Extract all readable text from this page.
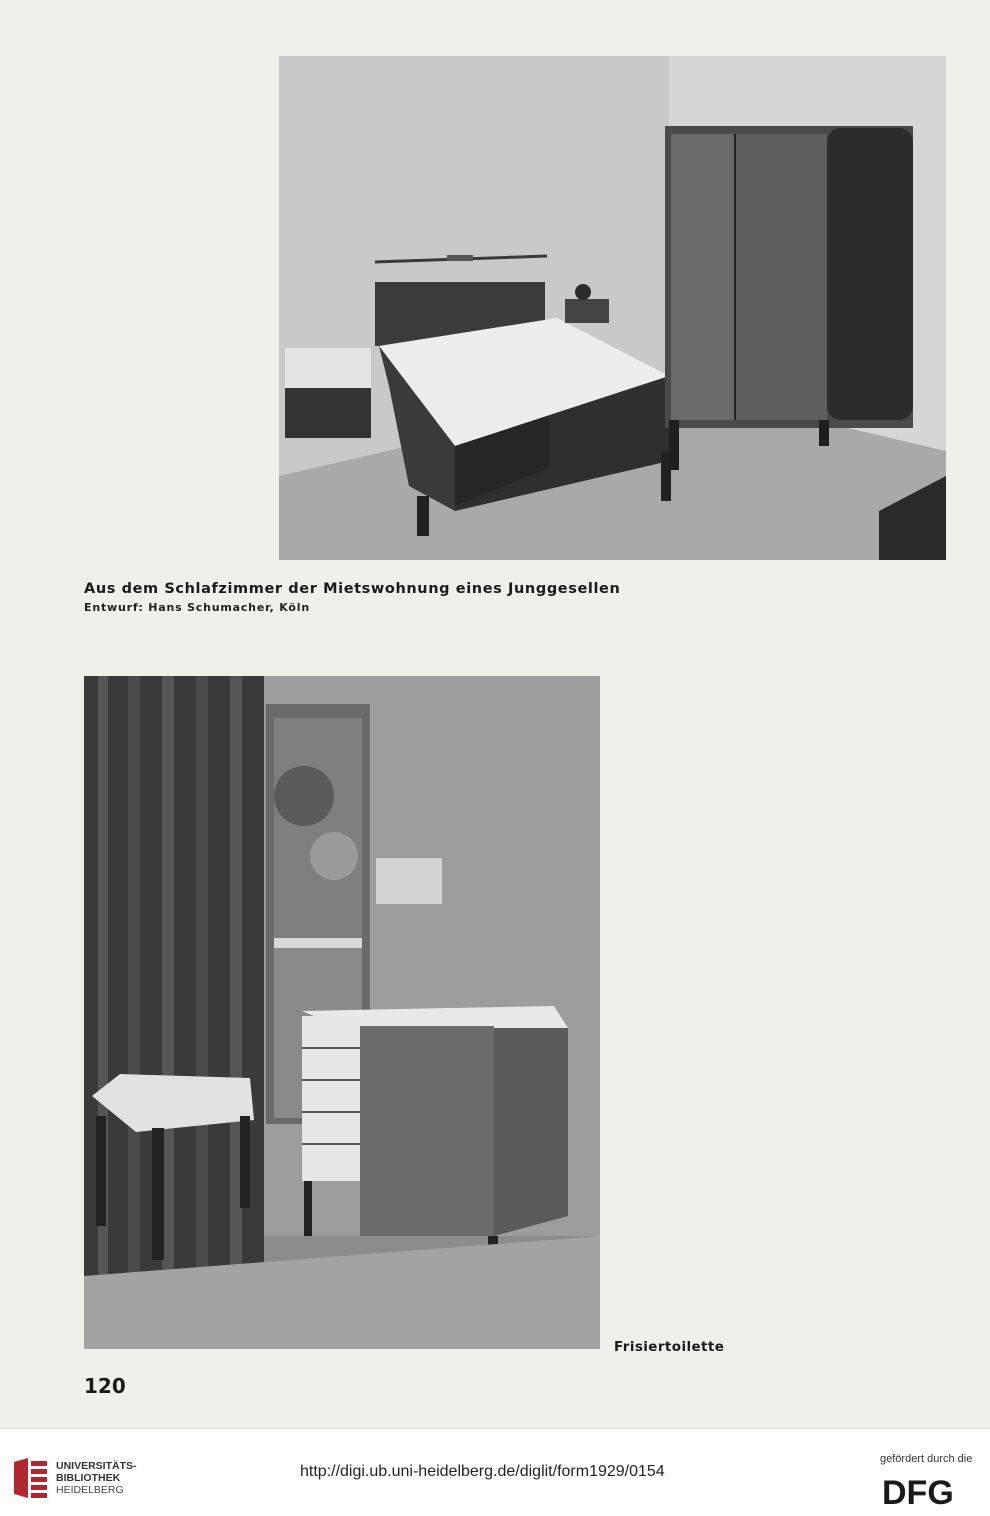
Aus dem Schlafzimmer der Mietswohnung eines Junggesellen
Entwurf: Hans Schumacher, Köln
Frisiertoilette
120
UNIVERSITÄTS-
BIBLIOTHEK
HEIDELBERG
http://digi.ub.uni-heidelberg.de/diglit/form1929/0154
gefördert durch die
DFG
